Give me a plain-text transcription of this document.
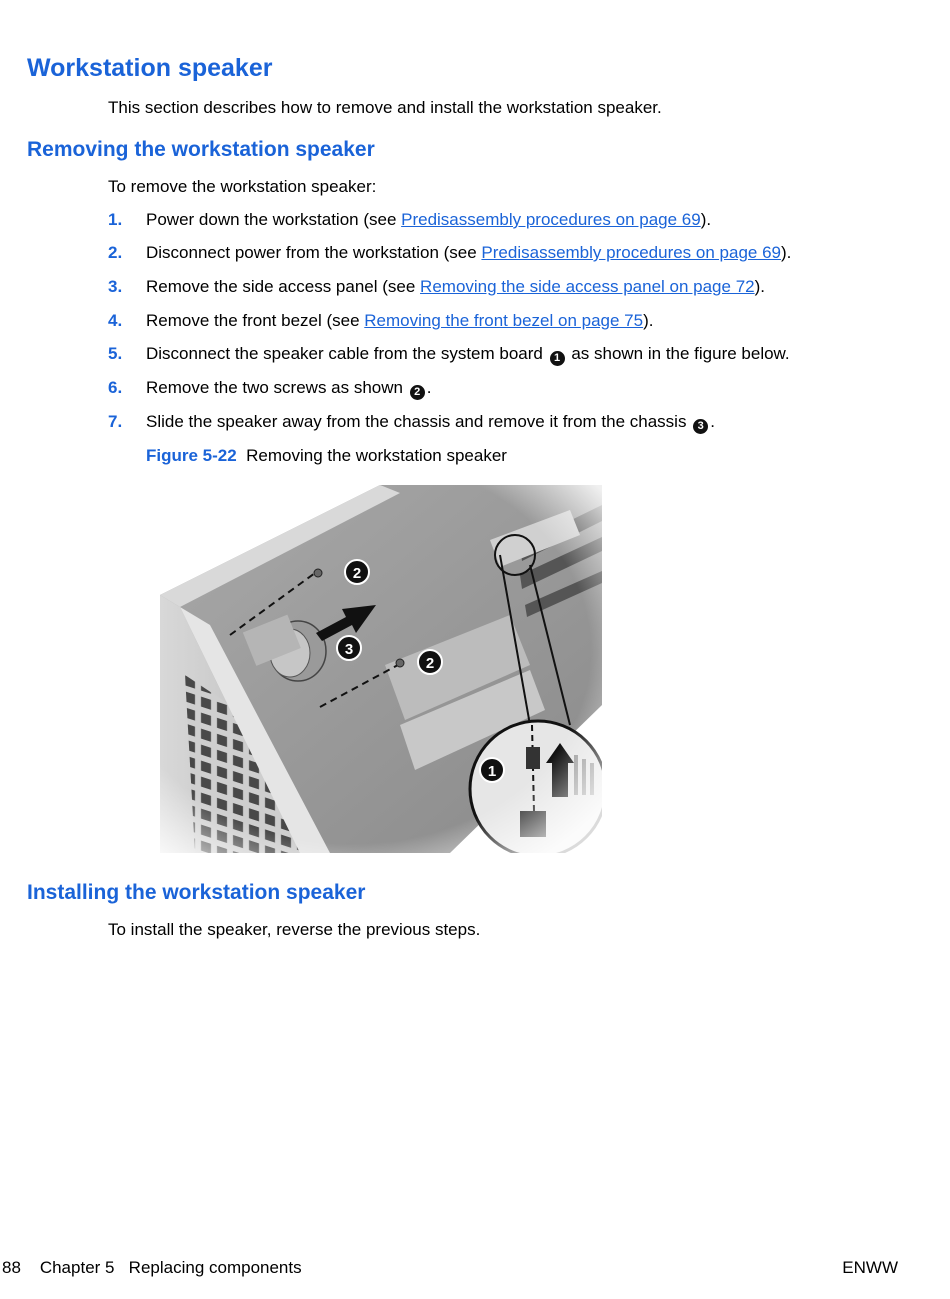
Workstation speaker

This section describes how to remove and install the workstation speaker.

Removing the workstation speaker

To remove the workstation speaker:

1. Power down the workstation (see Predisassembly procedures on page 69).
2. Disconnect power from the workstation (see Predisassembly procedures on page 69).
3. Remove the side access panel (see Removing the side access panel on page 72).
4. Remove the front bezel (see Removing the front bezel on page 75).
5. Disconnect the speaker cable from the system board 1 as shown in the figure below.
6. Remove the two screws as shown 2 .
7. Slide the speaker away from the chassis and remove it from the chassis 3 .
Figure 5-22 Removing the workstation speaker
2
3
2
1
Installing the workstation speaker

To install the speaker, reverse the previous steps.

88 Chapter 5 Replacing components	ENWW
